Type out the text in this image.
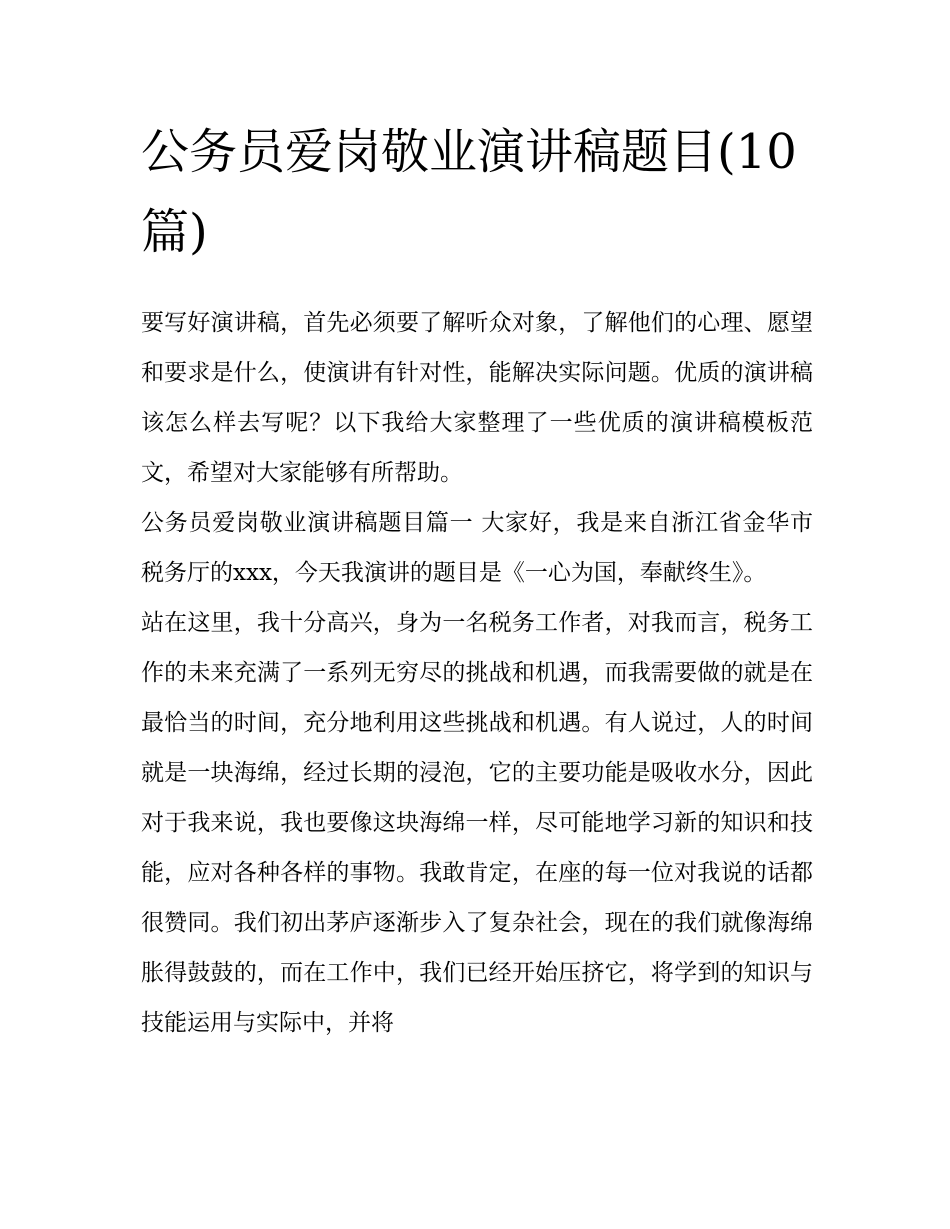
公务员爱岗敬业演讲稿题目(10篇)

要写好演讲稿，首先必须要了解听众对象，了解他们的心理、愿望和要求是什么，使演讲有针对性，能解决实际问题。优质的演讲稿该怎么样去写呢？以下我给大家整理了一些优质的演讲稿模板范文，希望对大家能够有所帮助。

公务员爱岗敬业演讲稿题目篇一 大家好，我是来自浙江省金华市税务厅的xxx，今天我演讲的题目是《一心为国，奉献终生》。

站在这里，我十分高兴，身为一名税务工作者，对我而言，税务工作的未来充满了一系列无穷尽的挑战和机遇，而我需要做的就是在最恰当的时间，充分地利用这些挑战和机遇。有人说过，人的时间就是一块海绵，经过长期的浸泡，它的主要功能是吸收水分，因此对于我来说，我也要像这块海绵一样，尽可能地学习新的知识和技能，应对各种各样的事物。我敢肯定，在座的每一位对我说的话都很赞同。我们初出茅庐逐渐步入了复杂社会，现在的我们就像海绵胀得鼓鼓的，而在工作中，我们已经开始压挤它，将学到的知识与技能运用与实际中，并将
